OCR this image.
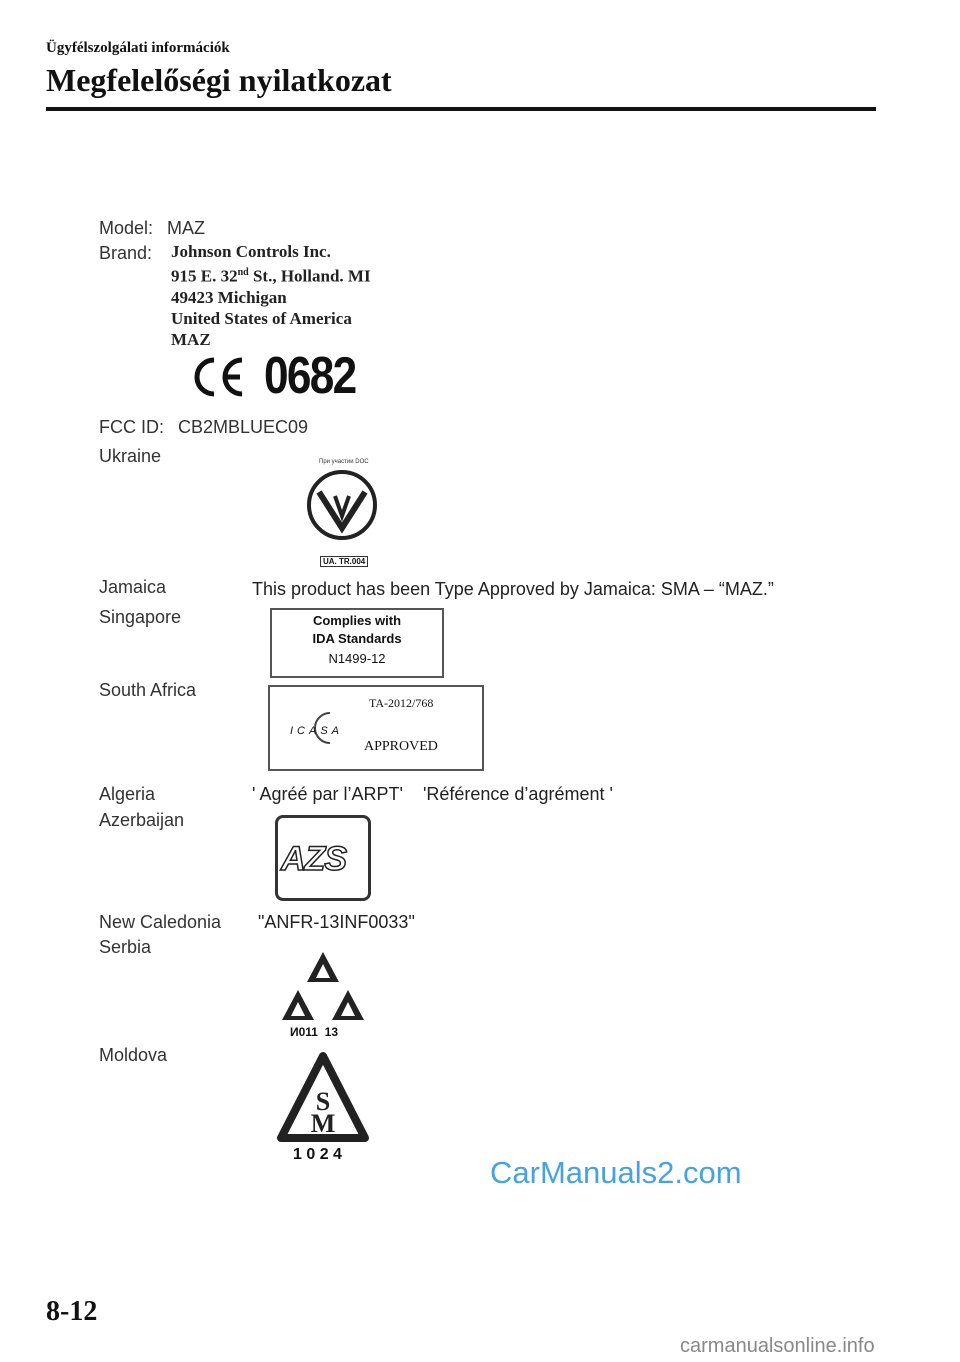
Ügyfélszolgálati információk
Megfelelőségi nyilatkozat
Model: MAZ
Brand: Johnson Controls Inc.
915 E. 32nd St., Holland. MI
49423 Michigan
United States of America
MAZ
0682
FCC ID: CB2MBLUEC09
Ukraine	При участии DOC
UA. TR.004
Jamaica	This product has been Type Approved by Jamaica: SMA – “MAZ.”
Singapore	Complies with
IDA Standards
N1499-12
South Africa
TA-2012/768
ICASA
APPROVED
Algeria	' Agréé par l’ARPT'    'Référence d’agrément '
Azerbaijan
AZS
New Caledonia "ANFR-13INF0033"
Serbia
И011  13
Moldova
S
M
1 0 2 4
CarManuals2.com
8-12
carmanualsonline.info
